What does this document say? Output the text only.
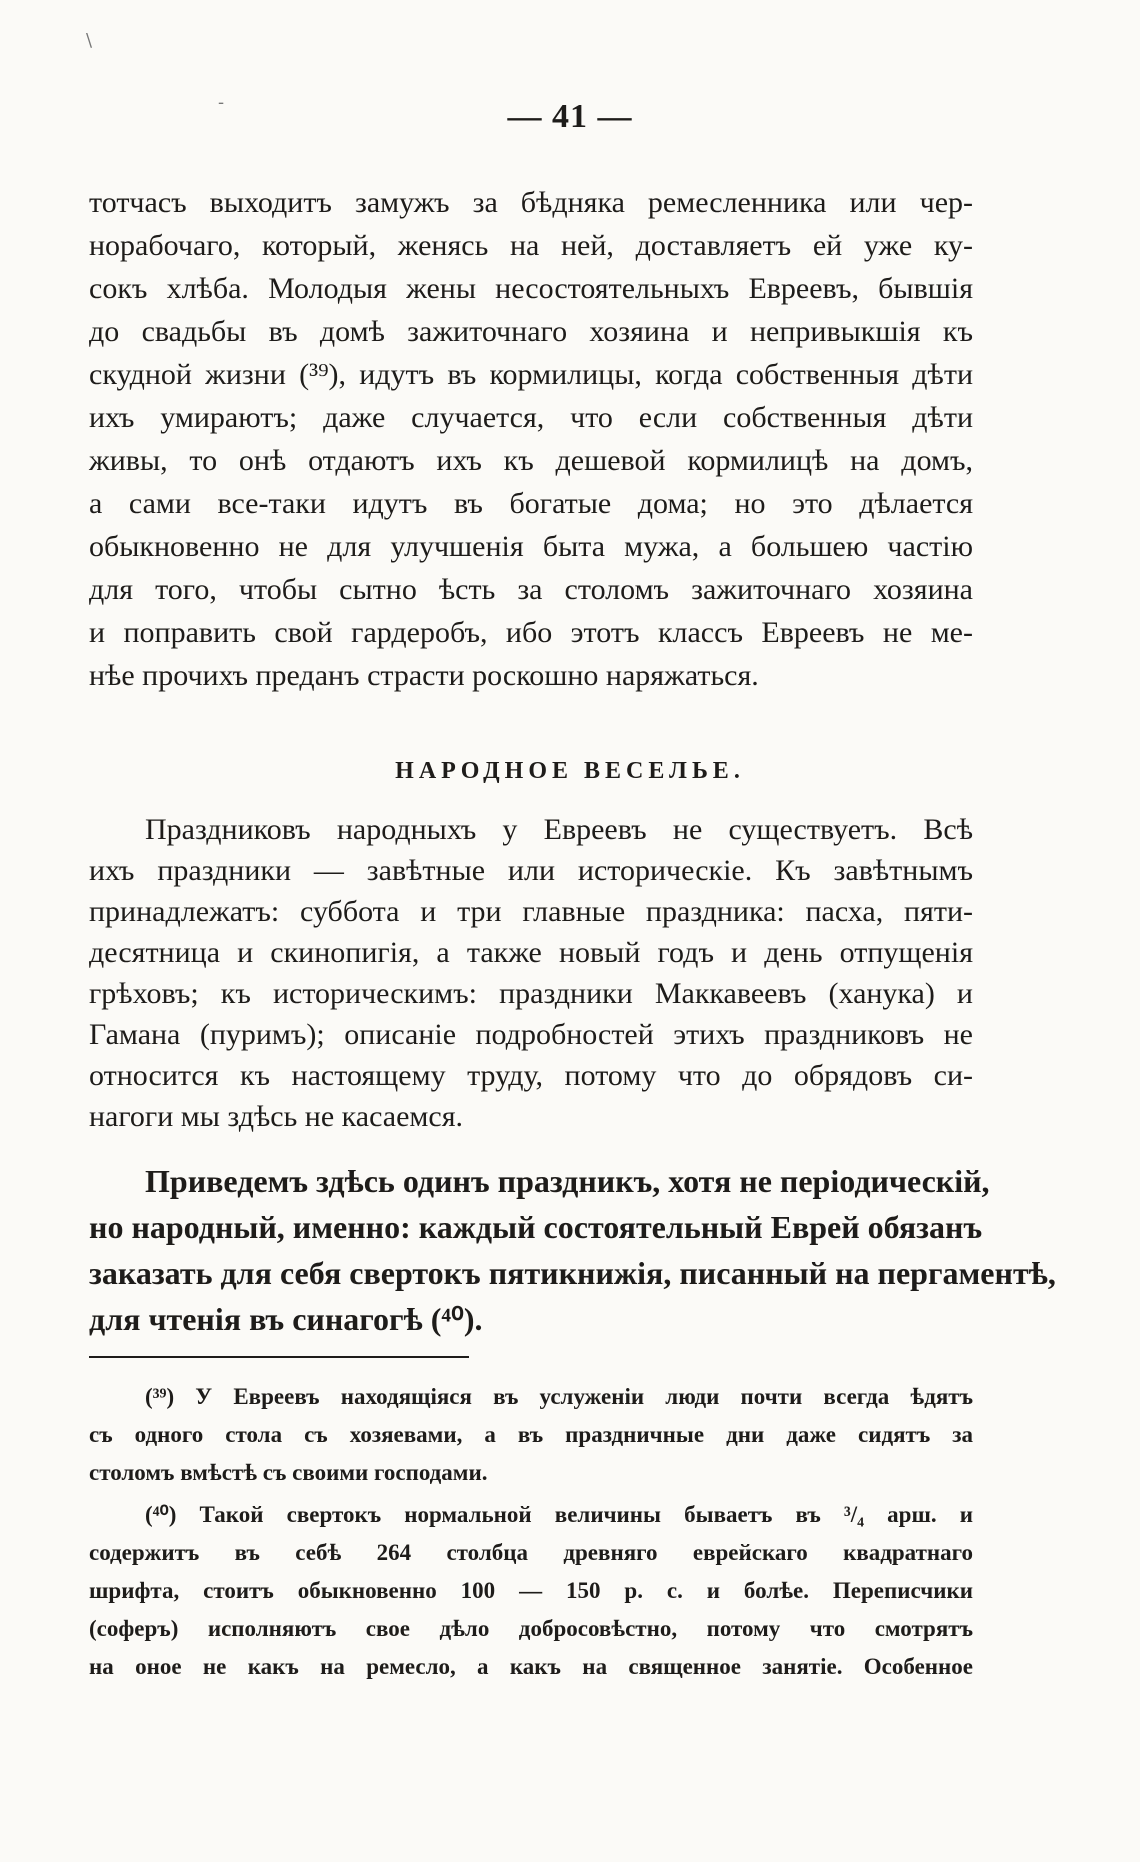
\
-	— 41 —
тотчасъ выходитъ замужъ за бѣдняка ремесленника или чер-
норабочаго, который, женясь на ней, доставляетъ ей уже ку-
сокъ хлѣба. Молодыя жены несостоятельныхъ Евреевъ, бывшія
до свадьбы въ домѣ зажиточнаго хозяина и непривыкшія къ
скудной жизни (³⁹), идутъ въ кормилицы, когда собственныя дѣти
ихъ умираютъ; даже случается, что если собственныя дѣти
живы, то онѣ отдаютъ ихъ къ дешевой кормилицѣ на домъ,
а сами все-таки идутъ въ богатые дома; но это дѣлается
обыкновенно не для улучшенія быта мужа, а большею частію
для того, чтобы сытно ѣсть за столомъ зажиточнаго хозяина
и поправить свой гардеробъ, ибо этотъ классъ Евреевъ не ме-
нѣе прочихъ преданъ страсти роскошно наряжаться.
НАРОДНОЕ ВЕСЕЛЬЕ.
Праздниковъ народныхъ у Евреевъ не существуетъ. Всѣ
ихъ праздники — завѣтные или историческіе. Къ завѣтнымъ
принадлежатъ: суббота и три главные праздника: пасха, пяти-
десятница и скинопигія, а также новый годъ и день отпущенія
грѣховъ; къ историческимъ: праздники Маккавеевъ (ханука) и
Гамана (пуримъ); описаніе подробностей этихъ праздниковъ не
относится къ настоящему труду, потому что до обрядовъ си-
нагоги мы здѣсь не касаемся.
Приведемъ здѣсь одинъ праздникъ, хотя не періодическій,
но народный, именно: каждый состоятельный Еврей обязанъ
заказать для себя свертокъ пятикнижія, писанный на пергаментѣ,
для чтенія въ синагогѣ (⁴⁰).
(³⁹) У Евреевъ находящіяся въ услуженіи люди почти всегда ѣдятъ
съ одного стола съ хозяевами, а въ праздничные дни даже сидятъ за
столомъ вмѣстѣ съ своими господами.
(⁴⁰) Такой свертокъ нормальной величины бываетъ въ ³/₄ арш. и
содержитъ въ себѣ 264 столбца древняго еврейскаго квадратнаго
шрифта, стоитъ обыкновенно 100 — 150 р. с. и болѣе. Переписчики
(соферъ) исполняютъ свое дѣло добросовѣстно, потому что смотрятъ
на оное не какъ на ремесло, а какъ на священное занятіе. Особенное
